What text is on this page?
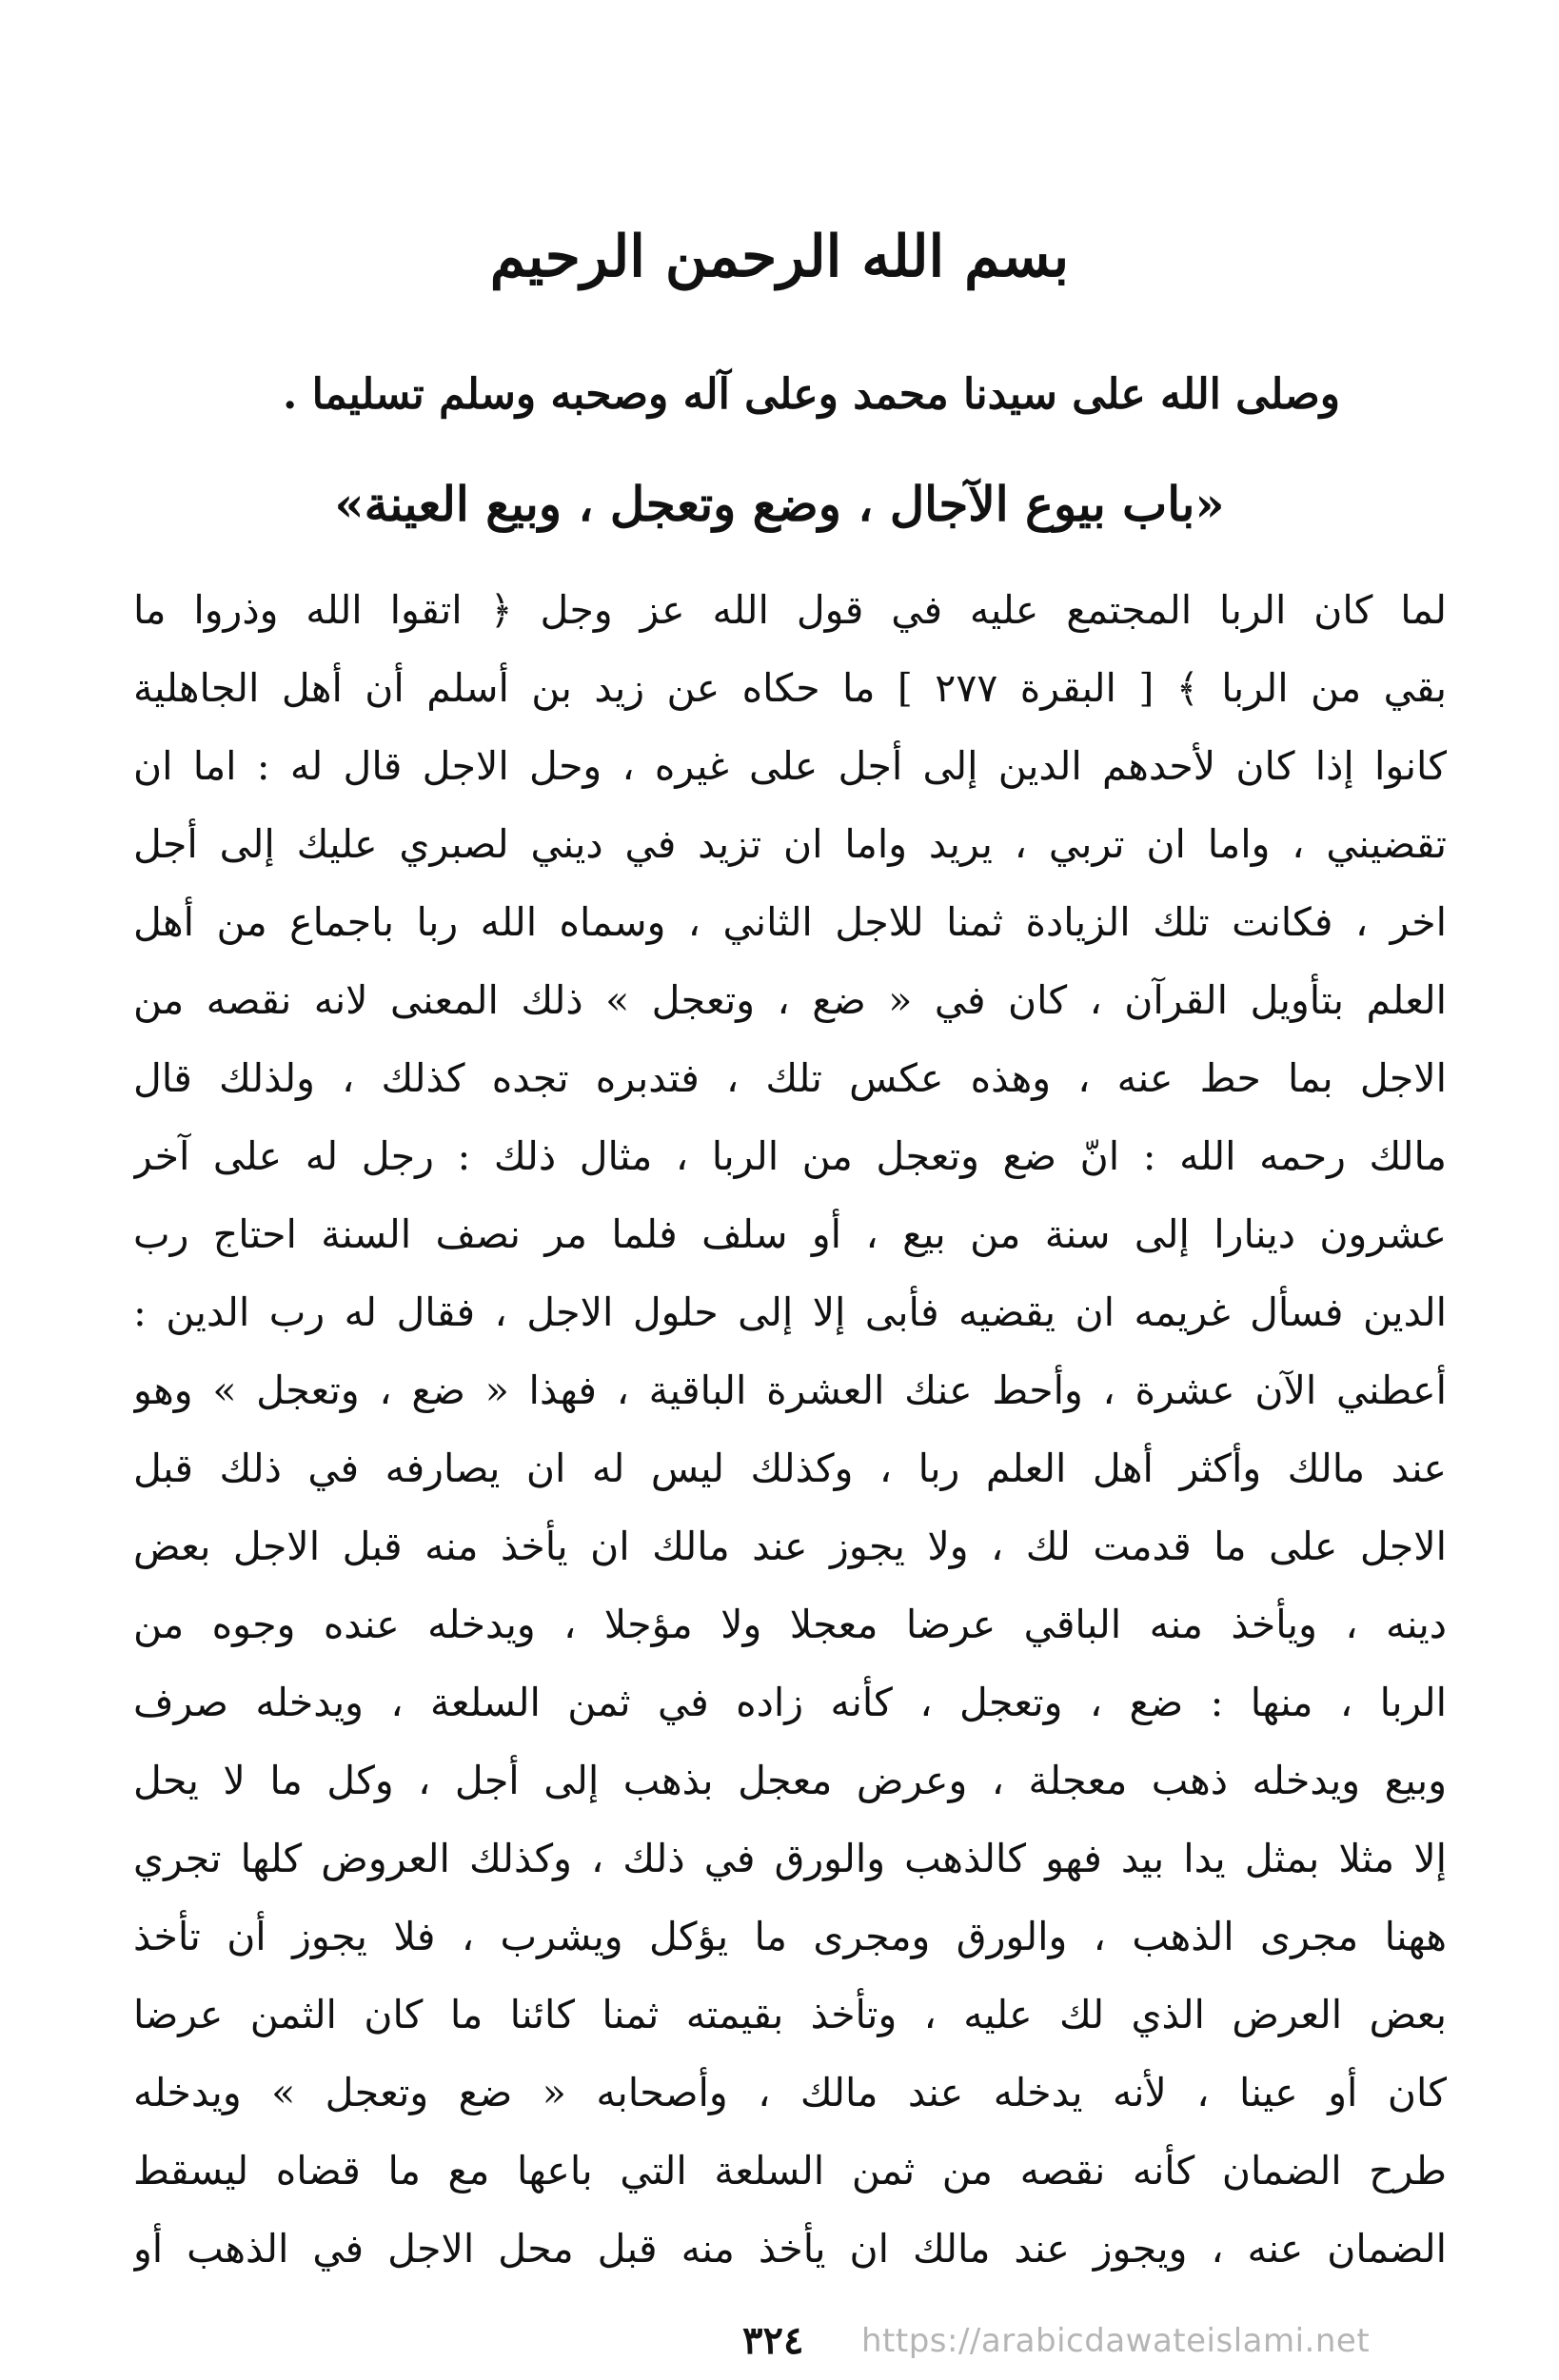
بسم الله الرحمن الرحيم
وصلى الله على سيدنا محمد وعلى آله وصحبه وسلم تسليما .
«باب بيوع الآجال ، وضع وتعجل ، وبيع العينة»
لما كان الربا المجتمع عليه في قول الله عز وجل ﴿ اتقوا الله وذروا ما
بقي من الربا ﴾ [ البقرة ٢٧٧ ] ما حكاه عن زيد بن أسلم أن أهل الجاهلية
كانوا إذا كان لأحدهم الدين إلى أجل على غيره ، وحل الاجل قال له : اما ان
تقضيني ، واما ان تربي ، يريد واما ان تزيد في ديني لصبري عليك إلى أجل
اخر ، فكانت تلك الزيادة ثمنا للاجل الثاني ، وسماه الله ربا باجماع من أهل
العلم بتأويل القرآن ، كان في « ضع ، وتعجل » ذلك المعنى لانه نقصه من
الاجل بما حط عنه ، وهذه عكس تلك ، فتدبره تجده كذلك ، ولذلك قال
مالك رحمه الله : انّ ضع وتعجل من الربا ، مثال ذلك : رجل له على آخر
عشرون دينارا إلى سنة من بيع ، أو سلف فلما مر نصف السنة احتاج رب
الدين فسأل غريمه ان يقضيه فأبى إلا إلى حلول الاجل ، فقال له رب الدين :
أعطني الآن عشرة ، وأحط عنك العشرة الباقية ، فهذا « ضع ، وتعجل » وهو
عند مالك وأكثر أهل العلم ربا ، وكذلك ليس له ان يصارفه في ذلك قبل
الاجل على ما قدمت لك ، ولا يجوز عند مالك ان يأخذ منه قبل الاجل بعض
دينه ، ويأخذ منه الباقي عرضا معجلا ولا مؤجلا ، ويدخله عنده وجوه من
الربا ، منها : ضع ، وتعجل ، كأنه زاده في ثمن السلعة ، ويدخله صرف
وبيع ويدخله ذهب معجلة ، وعرض معجل بذهب إلى أجل ، وكل ما لا يحل
إلا مثلا بمثل يدا بيد فهو كالذهب والورق في ذلك ، وكذلك العروض كلها تجري
ههنا مجرى الذهب ، والورق ومجرى ما يؤكل ويشرب ، فلا يجوز أن تأخذ
بعض العرض الذي لك عليه ، وتأخذ بقيمته ثمنا كائنا ما كان الثمن عرضا
كان أو عينا ، لأنه يدخله عند مالك ، وأصحابه « ضع وتعجل » ويدخله
طرح الضمان كأنه نقصه من ثمن السلعة التي باعها مع ما قضاه ليسقط
الضمان عنه ، ويجوز عند مالك ان يأخذ منه قبل محل الاجل في الذهب أو
٣٢٤ https://arabicdawateislami.net
